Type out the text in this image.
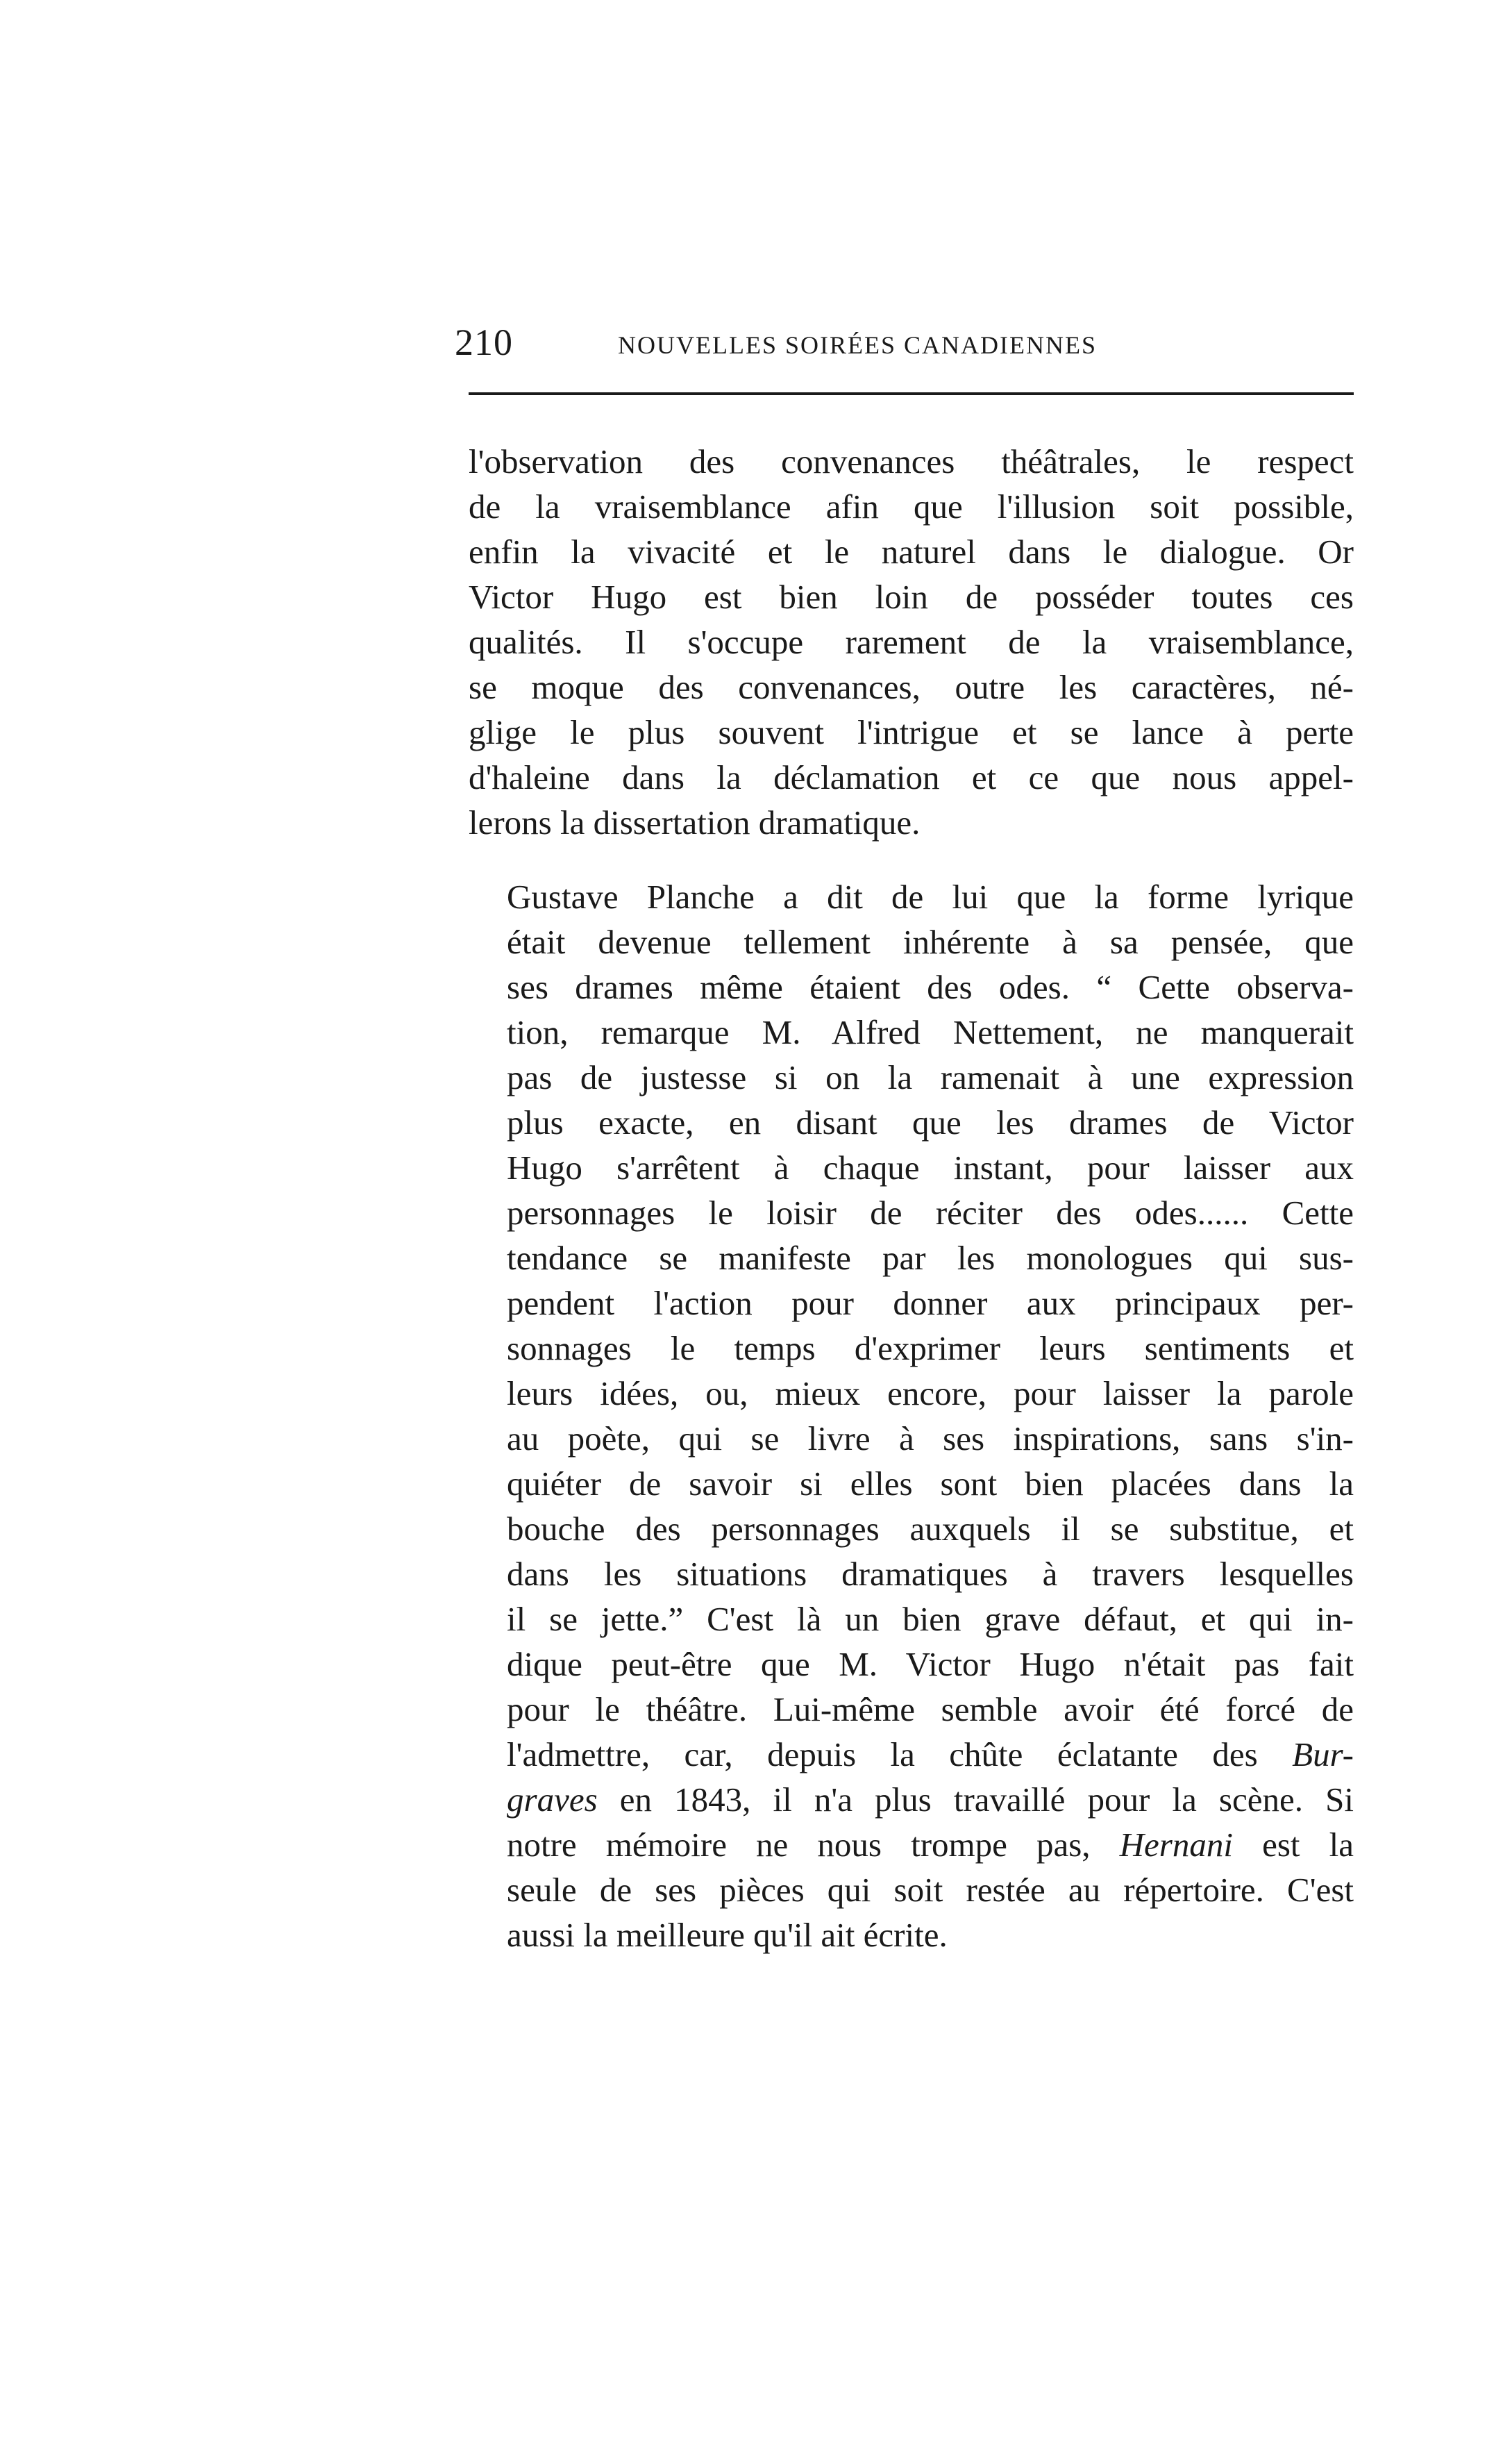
210	NOUVELLES SOIRÉES CANADIENNES

l'observation des convenances théâtrales, le respect
de la vraisemblance afin que l'illusion soit possible,
enfin la vivacité et le naturel dans le dialogue. Or
Victor Hugo est bien loin de posséder toutes ces
qualités. Il s'occupe rarement de la vraisemblance,
se moque des convenances, outre les caractères, né-
glige le plus souvent l'intrigue et se lance à perte
d'haleine dans la déclamation et ce que nous appel-
lerons la dissertation dramatique.

Gustave Planche a dit de lui que la forme lyrique
était devenue tellement inhérente à sa pensée, que
ses drames même étaient des odes. “ Cette observa-
tion, remarque M. Alfred Nettement, ne manquerait
pas de justesse si on la ramenait à une expression
plus exacte, en disant que les drames de Victor
Hugo s'arrêtent à chaque instant, pour laisser aux
personnages le loisir de réciter des odes...... Cette
tendance se manifeste par les monologues qui sus-
pendent l'action pour donner aux principaux per-
sonnages le temps d'exprimer leurs sentiments et
leurs idées, ou, mieux encore, pour laisser la parole
au poète, qui se livre à ses inspirations, sans s'in-
quiéter de savoir si elles sont bien placées dans la
bouche des personnages auxquels il se substitue, et
dans les situations dramatiques à travers lesquelles
il se jette.” C'est là un bien grave défaut, et qui in-
dique peut-être que M. Victor Hugo n'était pas fait
pour le théâtre. Lui-même semble avoir été forcé de
l'admettre, car, depuis la chûte éclatante des Bur-
graves en 1843, il n'a plus travaillé pour la scène. Si
notre mémoire ne nous trompe pas, Hernani est la
seule de ses pièces qui soit restée au répertoire. C'est
aussi la meilleure qu'il ait écrite.
